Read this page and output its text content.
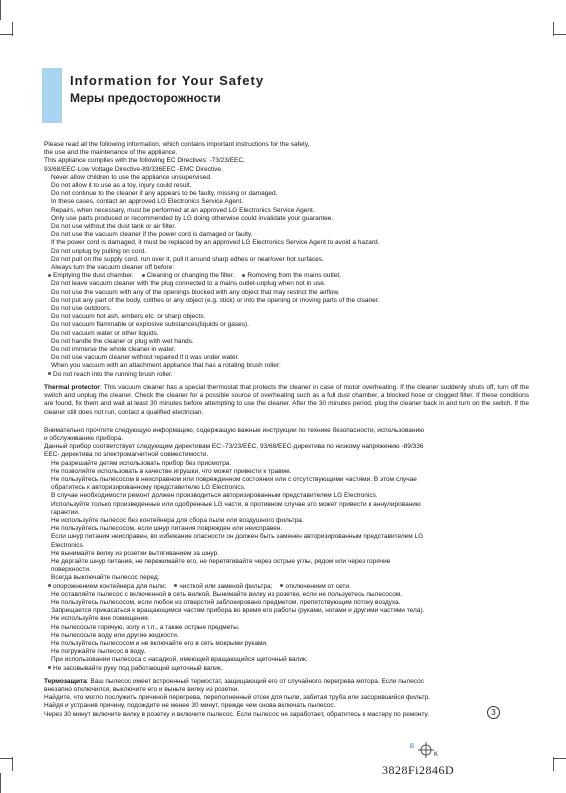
Information for Your Safety
Меры предосторожности
Please read all the following information, which contains important instructions for the safety,
the use and the maintenance of the appliance.
This appliance complies with the following EC Directives: -73/23/EEC,
93/68/EEC-Low Voltage Directive-89/336EEC -EMC Directive.
Never allow children to use the appliance unsupervised.
Do not allow it to use as a toy, injury could result.
Do not continue to the cleaner if any appears to be faulty, missing or damaged.
In these cases, contact an approved LG Electronics Service Agent.
Repairs, when necessary, must be performed at an approved LG Electronics Service Agent.
Only use parts produced or recommended by LG doing otherwise could invalidate your guarantee.
Do not use without the dust tank or air filter.
Do not use the vacuum cleaner if the power cord is damaged or faulty.
If the power cord is damaged, it must be replaced by an approved LG Electronics Service Agent to avoid a hazard.
Do not unplug by pulling on cord.
Do not pull on the supply cord, run over it, pull it around sharp edhes or near/over hot surfaces.
Always turn the vacuum cleaner off before:
Emptying the dust chamber. Cleaning or changing the filter. Romoving from the mains outlet.
Do not leave vacuum cleaner with the plug connected to a mains outlet-unplug when not in use.
Do not use the vacuum with any of the openings blocked with any object that may restrict the airflow.
Do not put any part of the body, colthes or any object (e.g. stick) or into the opening or moving parts of the clsaner.
Do not use outdoors.
Do not vacuum hot ash, embers etc. or sharp objects.
Do not vacuum flammable or explosive substances(liquids or gases).
Do not vacuum water or other liquids.
Do not handle the cleaner or plug with wet hands.
Do not immerse the whole cleaner in water.
Do not use vacuum cleaner without repaired if it was under water.
When you vacuum with an attachment appliance that has a rotating brush roller:
Do not reach into the running brush roller.
Thermal protector: This vacuum cleaner has a special thermostat that protects the cleaner in case of motor overheating. If the cleaner suddenly shuts off, turn off the switch and unplug the cleaner. Check the cleaner for a possible source of overheating such as a full dust chamber, a blocked hose or clogged filter. If these conditions are found, fix them and wait at least 30 minutes before attempting to use the cleaner. After the 30 minutes period, plug the cleaner back in and turn on the switch. If the cleaner still does not run, contact a qualified electrician.
Внимательно прочтите следующую информацию, содержащую важные инструкции по технике безопасности, использованию
и обслуживанию прибора.
Данный прибор соответствует следующим директивам ЕС:-73/23/EEC, 93/68/EEC-директива по низкому напряжению -89/336
EEC- директива по электромагнитной совместимости.
Не разрешайте детям использовать прибор без присмотра.
Не позволяйте использовать в качестве игрушки, что может привести к травме.
Не пользуйтесь пылесосом в неисправном или поврежденном состоянии или с отсутствующими частями. В этом случае
обратитесь к авторизированному представителю LG Electronics.
В случае необходимости ремонт должен производиться авторизированным представителем LG Electronics.
Используйте только произведенные или одобренные LG части, в противном случае это может привести к аннулированию
гарантии.
Не используйте пылесос без контейнера для сбора пыли или воздушного фильтра.
Не пользуйтесь пылесосом, если шнур питания поврежден или неисправен.
Если шнур питания неисправен, во избежание опасности он должен быть заменен авторизированным представителем LG
Electronics.
Не вынимайте вилку из розетки вытягиванием за шнур.
Не дергайте шнур питания, не пережимайте его, не перетягивайте через острые углы, рядом или через горячие
поверхности.
Всегда выключайте пылесос перед:
опорожнением контейнера для пыли; чисткой или заменой фильтра; отключением от сети.
Не оставляйте пылесос с включенной в сеть вилкой. Вынимайте вилку из розетки, если не пользуетесь пылесосом.
Не пользуйтесь пылесосом, если любое из отверстий заблокировано предметом, препятствующим потоку воздуха.
Запрещается прикасаться к вращающимся частям прибора во время его работы (руками, ногами и другими частями тела).
Не используйте вне помещения.
Не пылесосьте горячую, золу и т.п., а также острые предметы.
Не пылесосьте воду или другие жидкости.
Не пользуйтесь пылесосом и не включайте его в сеть мокрыми руками.
Не погружайте пылесос в воду.
При использовании пылесоса с насадкой, имеющей вращающийся щеточный валик:
Не засовывайте руку под работающий щеточный валик.
Термозащита: Ваш пылесос имеет встроенный термостат, защищающий его от случайного перегрева мотора. Если пылесос
внезапно отключился, выключите его и выньте вилку из розетки.
Найдите, что могло послужить причиной перегрева, переполненный отсек для пыли, забитая труба или засорившийся фильтр.
Найдя и устранив причину, подождите не менее 30 минут, прежде чем снова включать пылесос.
Через 30 минут включите вилку в розетку и включите пылесос. Если пылесос не заработает, обратитесь к мастеру по ремонту.	3
B
K
3828Fi2846D
